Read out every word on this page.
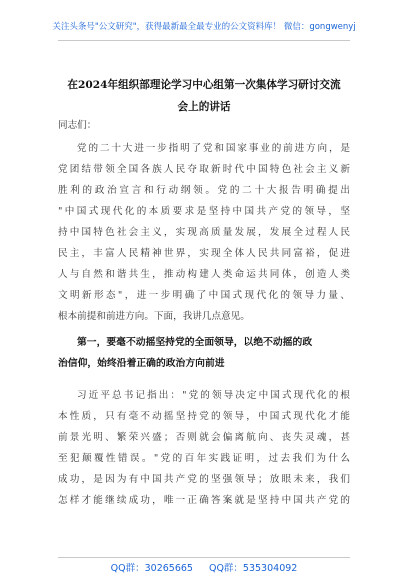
关注头条号"公文研究"，获得最新最全最专业的公文资料库！ 微信：gongwenyj
在2024年组织部理论学习中心组第一次集体学习研讨交流
会上的讲话
同志们：
党的二十大进一步指明了党和国家事业的前进方向，是
党团结带领全国各族人民夺取新时代中国特色社会主义新
胜利的政治宣言和行动纲领。党的二十大报告明确提出
"中国式现代化的本质要求是坚持中国共产党的领导，坚
持中国特色社会主义，实现高质量发展，发展全过程人民
民主，丰富人民精神世界，实现全体人民共同富裕，促进
人与自然和谐共生，推动构建人类命运共同体，创造人类
文明新形态"，进一步明确了中国式现代化的领导力量、
根本前提和前进方向。下面，我讲几点意见。
第一，要毫不动摇坚持党的全面领导，以绝不动摇的政
治信仰，始终沿着正确的政治方向前进
习近平总书记指出："党的领导决定中国式现代化的根
本性质，只有毫不动摇坚持党的领导，中国式现代化才能
前景光明、繁荣兴盛；否则就会偏离航向、丧失灵魂，甚
至犯颠覆性错误。"党的百年实践证明，过去我们为什么
成功，是因为有中国共产党的坚强领导；放眼未来，我们
怎样才能继续成功，唯一正确答案就是坚持中国共产党的
QQ群：30265665 QQ群：535304092
